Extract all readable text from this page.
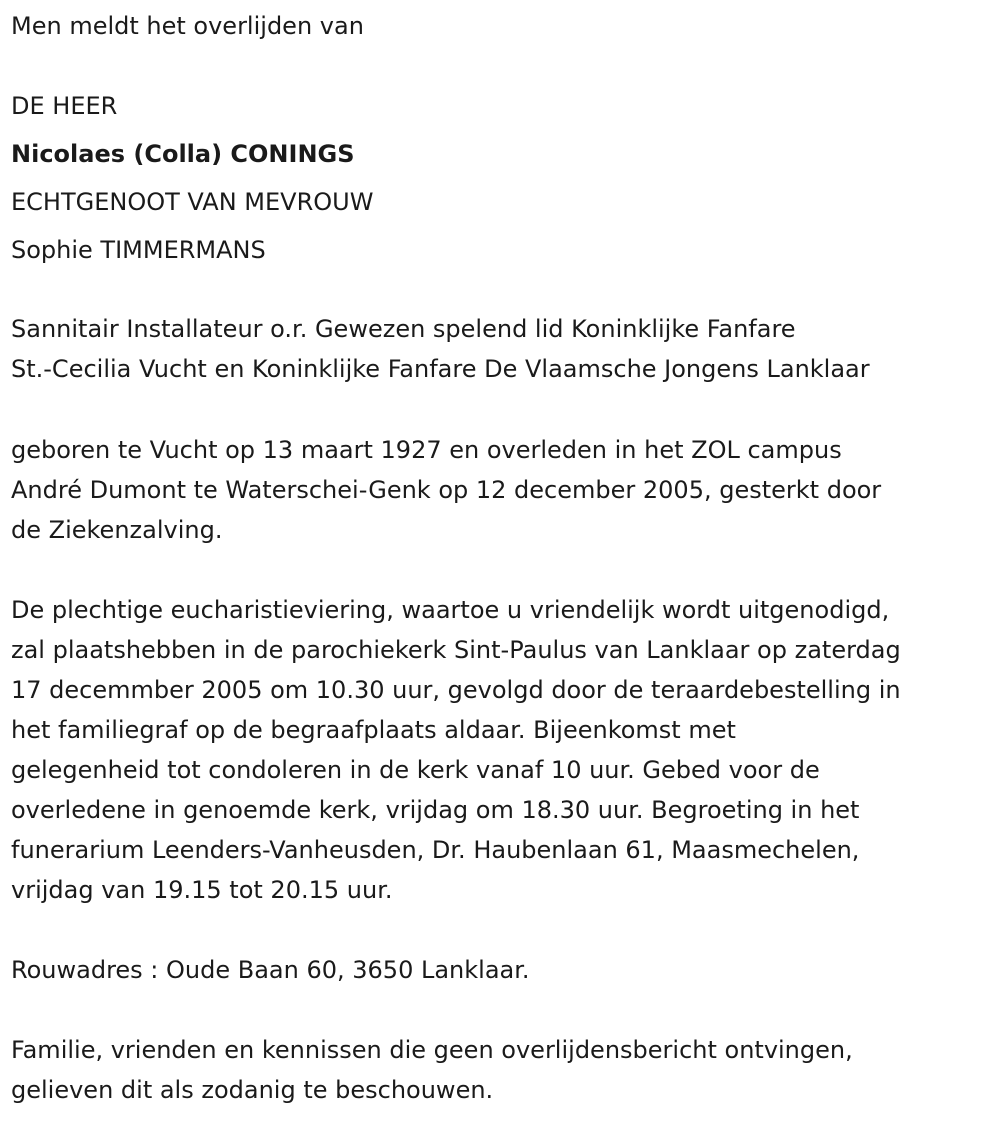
Men meldt het overlijden van

DE HEER

Nicolaes (Colla) CONINGS

ECHTGENOOT VAN MEVROUW

Sophie TIMMERMANS

Sannitair Installateur o.r. Gewezen spelend lid Koninklijke Fanfare

St.-Cecilia Vucht en Koninklijke Fanfare De Vlaamsche Jongens Lanklaar

geboren te Vucht op 13 maart 1927 en overleden in het ZOL campus

André Dumont te Waterschei-Genk op 12 december 2005, gesterkt door

de Ziekenzalving.

De plechtige eucharistieviering, waartoe u vriendelijk wordt uitgenodigd,

zal plaatshebben in de parochiekerk Sint-Paulus van Lanklaar op zaterdag

17 decemmber 2005 om 10.30 uur, gevolgd door de teraardebestelling in

het familiegraf op de begraafplaats aldaar. Bijeenkomst met

gelegenheid tot condoleren in de kerk vanaf 10 uur. Gebed voor de

overledene in genoemde kerk, vrijdag om 18.30 uur. Begroeting in het

funerarium Leenders-Vanheusden, Dr. Haubenlaan 61, Maasmechelen,

vrijdag van 19.15 tot 20.15 uur.

Rouwadres : Oude Baan 60, 3650 Lanklaar.

Familie, vrienden en kennissen die geen overlijdensbericht ontvingen,

gelieven dit als zodanig te beschouwen.
